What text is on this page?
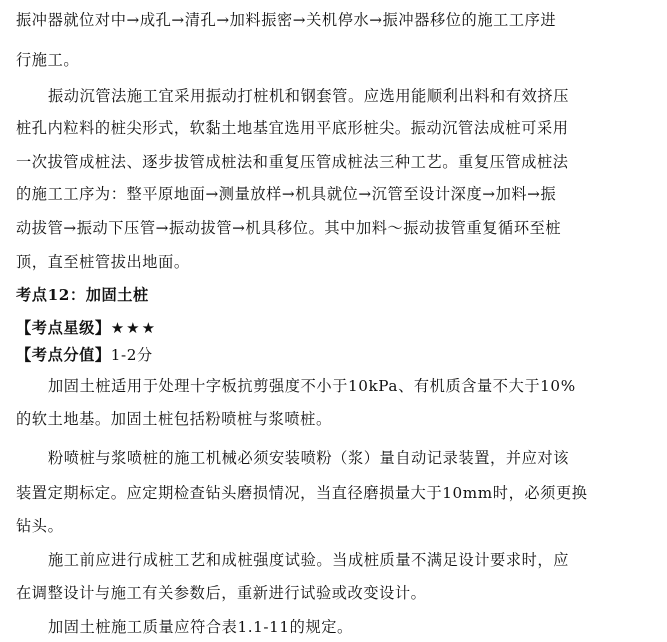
振冲器就位对中→成孔→清孔→加料振密→关机停水→振冲器移位的施工工序进
行施工。
振动沉管法施工宜采用振动打桩机和钢套管。应选用能顺利出料和有效挤压
桩孔内粒料的桩尖形式，软黏土地基宜选用平底形桩尖。振动沉管法成桩可采用
一次拔管成桩法、逐步拔管成桩法和重复压管成桩法三种工艺。重复压管成桩法
的施工工序为：整平原地面→测量放样→机具就位→沉管至设计深度→加料→振
动拔管→振动下压管→振动拔管→机具移位。其中加料～振动拔管重复循环至桩
顶，直至桩管拔出地面。
考点12：加固土桩
【考点星级】★★★
【考点分值】1-2分
加固土桩适用于处理十字板抗剪强度不小于10kPa、有机质含量不大于10%
的软土地基。加固土桩包括粉喷桩与浆喷桩。
粉喷桩与浆喷桩的施工机械必须安装喷粉（浆）量自动记录装置，并应对该
装置定期标定。应定期检查钻头磨损情况，当直径磨损量大于10mm时，必须更换
钻头。
施工前应进行成桩工艺和成桩强度试验。当成桩质量不满足设计要求时，应
在调整设计与施工有关参数后，重新进行试验或改变设计。
加固土桩施工质量应符合表1.1-11的规定。
